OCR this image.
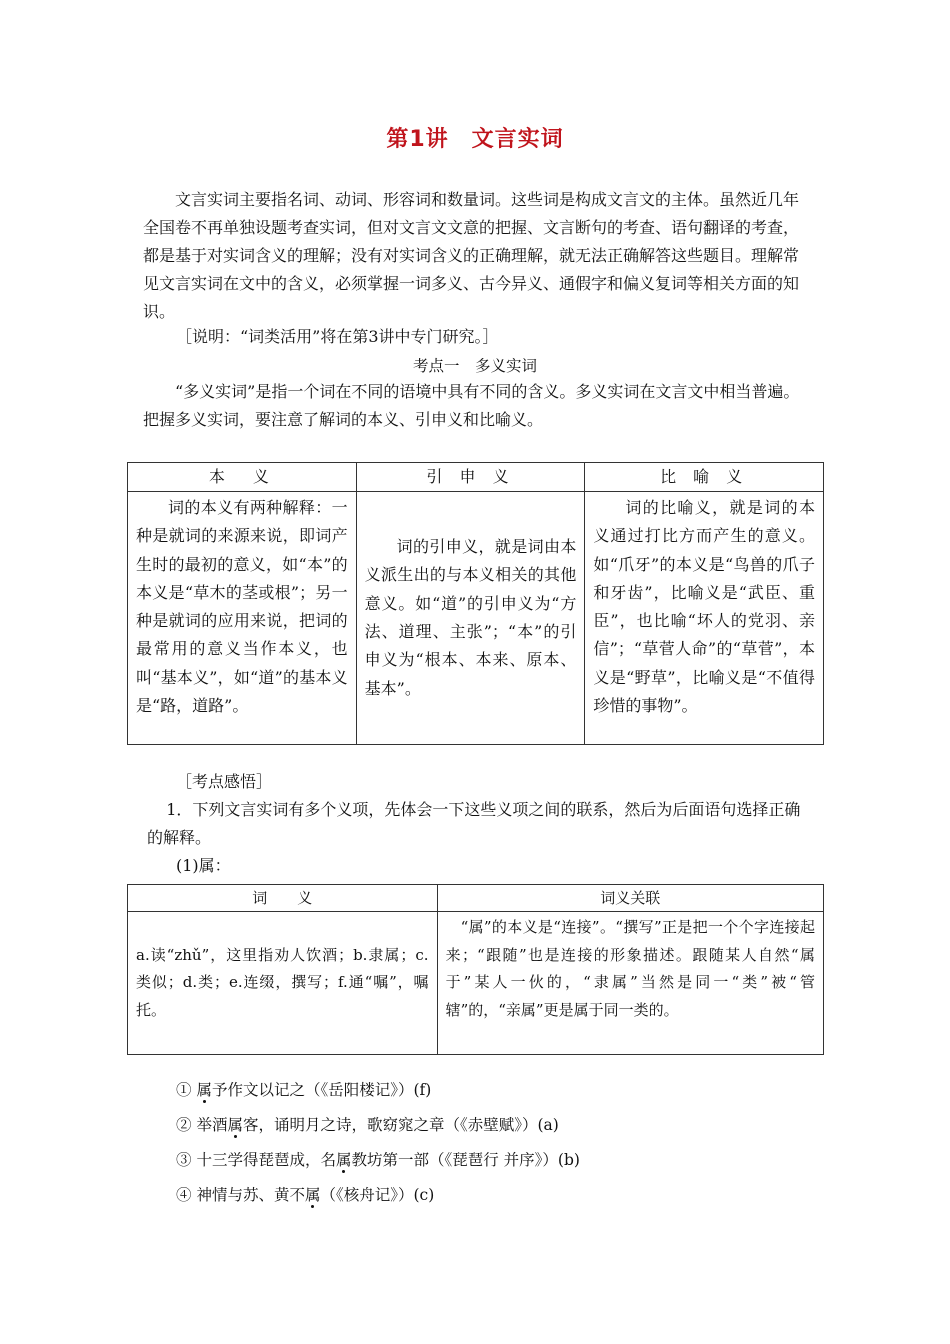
第1讲　文言实词

文言实词主要指名词、动词、形容词和数量词。这些词是构成文言文的主体。虽然近几年全国卷不再单独设题考查实词，但对文言文文意的把握、文言断句的考查、语句翻译的考查，都是基于对实词含义的理解；没有对实词含义的正确理解，就无法正确解答这些题目。理解常见文言实词在文中的含义，必须掌握一词多义、古今异义、通假字和偏义复词等相关方面的知识。

［说明：“词类活用”将在第3讲中专门研究。］
考点一　多义实词

“多义实词”是指一个词在不同的语境中具有不同的含义。多义实词在文言文中相当普遍。把握多义实词，要注意了解词的本义、引申义和比喻义。

本　义	引 申 义	比 喻 义
词的本义有两种解释：一种是就词的来源来说，即词产生时的最初的意义，如“本”的本义是“草木的茎或根”；另一种是就词的应用来说，把词的最常用的意义当作本义，也叫“基本义”，如“道”的基本义是“路，道路”。	词的引申义，就是词由本义派生出的与本义相关的其他意义。如“道”的引申义为“方法、道理、主张”；“本”的引申义为“根本、本来、原本、基本”。	词的比喻义，就是词的本义通过打比方而产生的意义。如“爪牙”的本义是“鸟兽的爪子和牙齿”，比喻义是“武臣、重臣”，也比喻“坏人的党羽、亲信”；“草菅人命”的“草菅”，本义是“野草”，比喻义是“不值得珍惜的事物”。
［考点感悟］

1．下列文言实词有多个义项，先体会一下这些义项之间的联系，然后为后面语句选择正确的解释。

(1)属：
词　　义	词义关联
a.读“zhǔ”，这里指劝人饮酒；b.隶属；c.类似；d.类；e.连缀，撰写；f.通“嘱”，嘱托。	“属”的本义是“连接”。“撰写”正是把一个个字连接起来；“跟随”也是连接的形象描述。跟随某人自然“属于”某人一伙的，“隶属”当然是同一“类”被“管辖”的，“亲属”更是属于同一类的。
① 属予作文以记之（《岳阳楼记》）(f)
② 举酒属客，诵明月之诗，歌窈窕之章（《赤壁赋》）(a)
③ 十三学得琵琶成，名属教坊第一部（《琵琶行 并序》）(b)
④ 神情与苏、黄不属（《核舟记》）(c)
